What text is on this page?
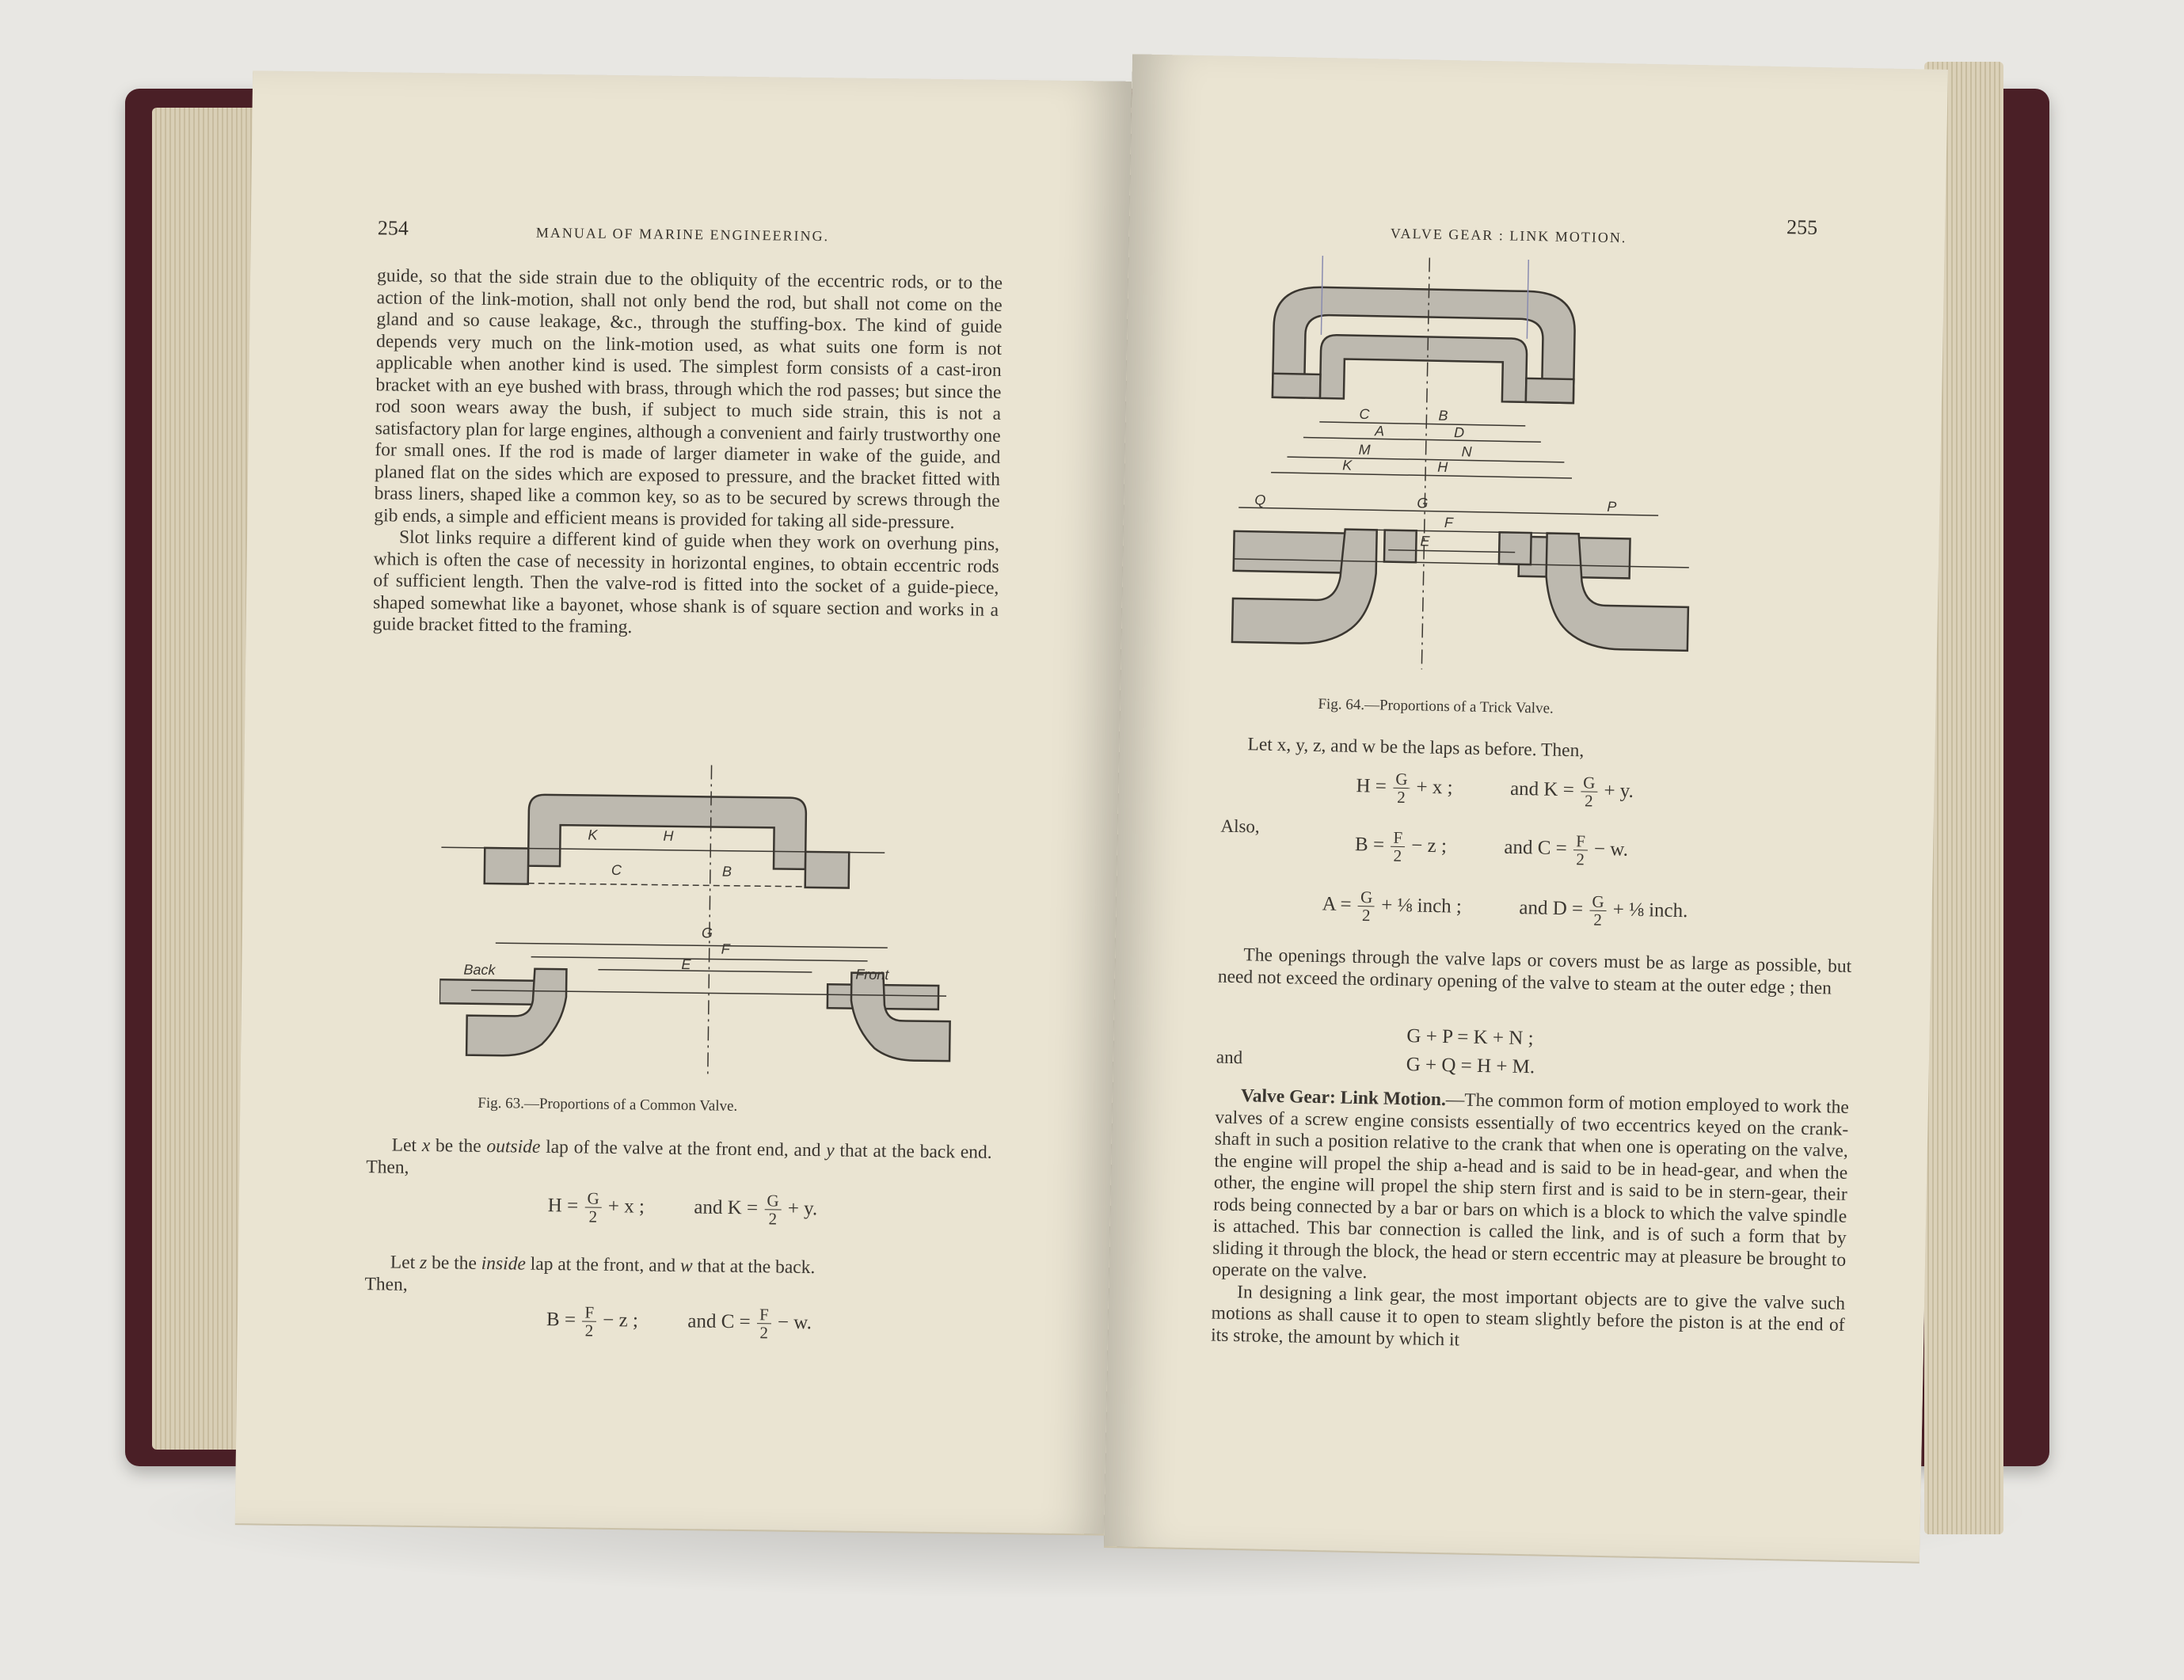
254	MANUAL OF MARINE ENGINEERING.

guide, so that the side strain due to the obliquity of the eccentric rods, or to the action of the link-motion, shall not only bend the rod, but shall not come on the gland and so cause leakage, &c., through the stuffing-box. The kind of guide depends very much on the link-motion used, as what suits one form is not applicable when another kind is used. The simplest form consists of a cast-iron bracket with an eye bushed with brass, through which the rod passes; but since the rod soon wears away the bush, if subject to much side strain, this is not a satisfactory plan for large engines, although a convenient and fairly trustworthy one for small ones. If the rod is made of larger diameter in wake of the guide, and planed flat on the sides which are exposed to pressure, and the bracket fitted with brass liners, shaped like a common key, so as to be secured by screws through the gib ends, a simple and efficient means is provided for taking all side-pressure.

Slot links require a different kind of guide when they work on overhung pins, which is often the case of necessity in horizontal engines, to obtain eccentric rods of sufficient length. Then the valve-rod is fitted into the socket of a guide-piece, shaped somewhat like a bayonet, whose shank is of square section and works in a guide bracket fitted to the framing.

K	H
C	B
G
F
E
Back	Front
Fig. 63.—Proportions of a Common Valve.

Let x be the outside lap of the valve at the front end, and y that at the back end. Then,

$H = \frac{G}{2} + x$ ; and $K = \frac{G}{2} + y$.

Let z be the inside lap at the front, and w that at the back.

Then,

$B = \frac{F}{2} - z$ ; and $C = \frac{F}{2} - w$.
VALVE GEAR : LINK MOTION.	255
C	B
A	D
M	N
K	H
Q	G	P
F
E
Fig. 64.—Proportions of a Trick Valve.

Let x, y, z, and w be the laps as before. Then,

$H = \frac{G}{2} + x$ ;	and $K = \frac{G}{2} + y$.
Also,
$B = \frac{F}{2} - z$ ;	and $C = \frac{F}{2} - w$.
$A = \frac{G}{2}$ + ⅛ inch ;	and $D = \frac{G}{2}$ + ⅛ inch.

The openings through the valve laps or covers must be as large as possible, but need not exceed the ordinary opening of the valve to steam at the outer edge ; then

G + P = K + N ;
and	G + Q = H + M.

Valve Gear: Link Motion.—The common form of motion employed to work the valves of a screw engine consists essentially of two eccentrics keyed on the crank-shaft in such a position relative to the crank that when one is operating on the valve, the engine will propel the ship a-head and is said to be in head-gear, and when the other, the engine will propel the ship stern first and is said to be in stern-gear, their rods being connected by a bar or bars on which is a block to which the valve spindle is attached. This bar connection is called the link, and is of such a form that by sliding it through the block, the head or stern eccentric may at pleasure be brought to operate on the valve.

In designing a link gear, the most important objects are to give the valve such motions as shall cause it to open to steam slightly before the piston is at the end of its stroke, the amount by which it
